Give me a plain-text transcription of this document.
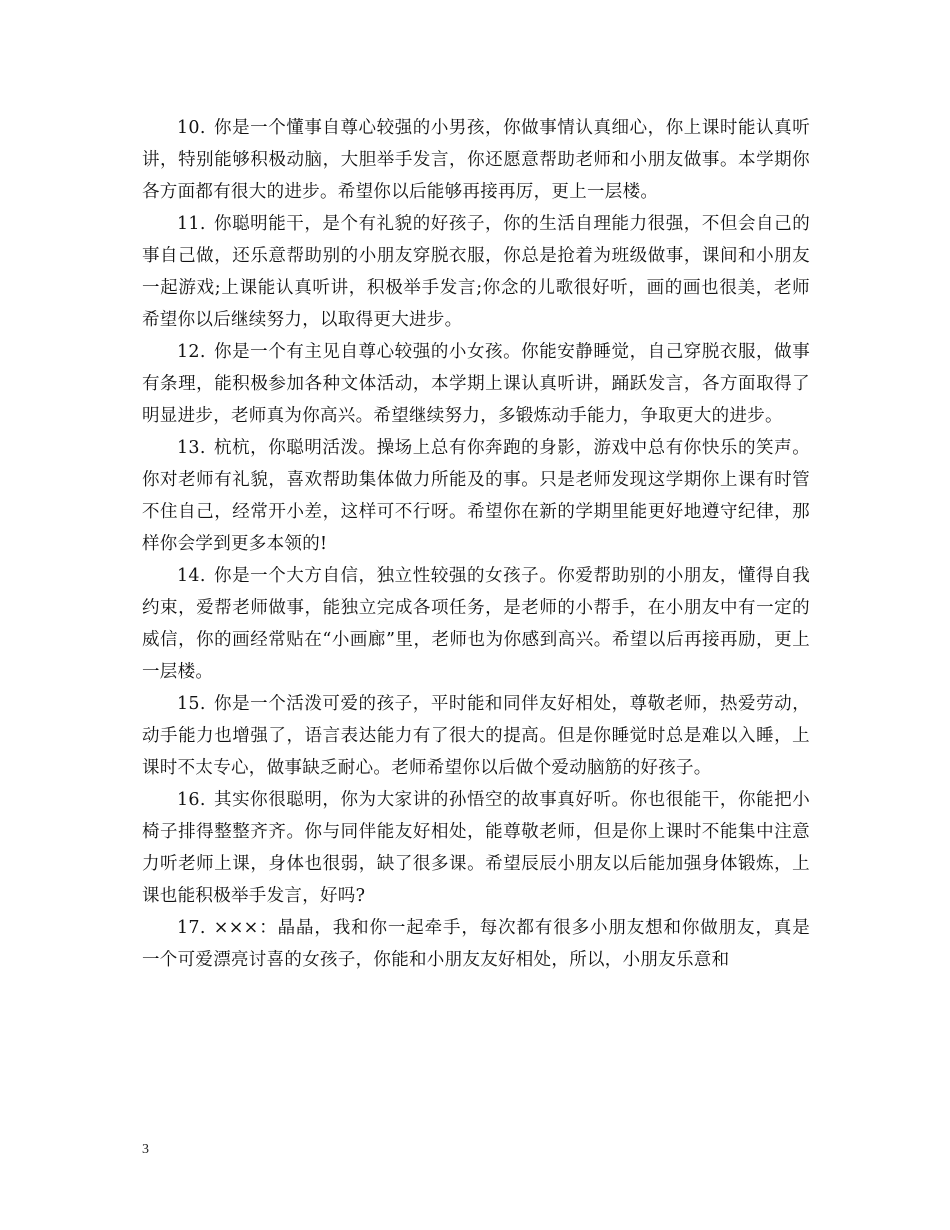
10. 你是一个懂事自尊心较强的小男孩，你做事情认真细心，你上课时能认真听讲，特别能够积极动脑，大胆举手发言，你还愿意帮助老师和小朋友做事。本学期你各方面都有很大的进步。希望你以后能够再接再厉，更上一层楼。

11. 你聪明能干，是个有礼貌的好孩子，你的生活自理能力很强，不但会自己的事自己做，还乐意帮助别的小朋友穿脱衣服，你总是抢着为班级做事，课间和小朋友一起游戏;上课能认真听讲，积极举手发言;你念的儿歌很好听，画的画也很美，老师希望你以后继续努力，以取得更大进步。

12. 你是一个有主见自尊心较强的小女孩。你能安静睡觉，自己穿脱衣服，做事有条理，能积极参加各种文体活动，本学期上课认真听讲，踊跃发言，各方面取得了明显进步，老师真为你高兴。希望继续努力，多锻炼动手能力，争取更大的进步。

13. 杭杭，你聪明活泼。操场上总有你奔跑的身影，游戏中总有你快乐的笑声。你对老师有礼貌，喜欢帮助集体做力所能及的事。只是老师发现这学期你上课有时管不住自己，经常开小差，这样可不行呀。希望你在新的学期里能更好地遵守纪律，那样你会学到更多本领的!

14. 你是一个大方自信，独立性较强的女孩子。你爱帮助别的小朋友，懂得自我约束，爱帮老师做事，能独立完成各项任务，是老师的小帮手，在小朋友中有一定的威信，你的画经常贴在“小画廊”里，老师也为你感到高兴。希望以后再接再励，更上一层楼。

15. 你是一个活泼可爱的孩子，平时能和同伴友好相处，尊敬老师，热爱劳动，动手能力也增强了，语言表达能力有了很大的提高。但是你睡觉时总是难以入睡，上课时不太专心，做事缺乏耐心。老师希望你以后做个爱动脑筋的好孩子。

16. 其实你很聪明，你为大家讲的孙悟空的故事真好听。你也很能干，你能把小椅子排得整整齐齐。你与同伴能友好相处，能尊敬老师，但是你上课时不能集中注意力听老师上课，身体也很弱，缺了很多课。希望辰辰小朋友以后能加强身体锻炼，上课也能积极举手发言，好吗?

17. ×××：晶晶，我和你一起牵手，每次都有很多小朋友想和你做朋友，真是一个可爱漂亮讨喜的女孩子，你能和小朋友友好相处，所以，小朋友乐意和

3
